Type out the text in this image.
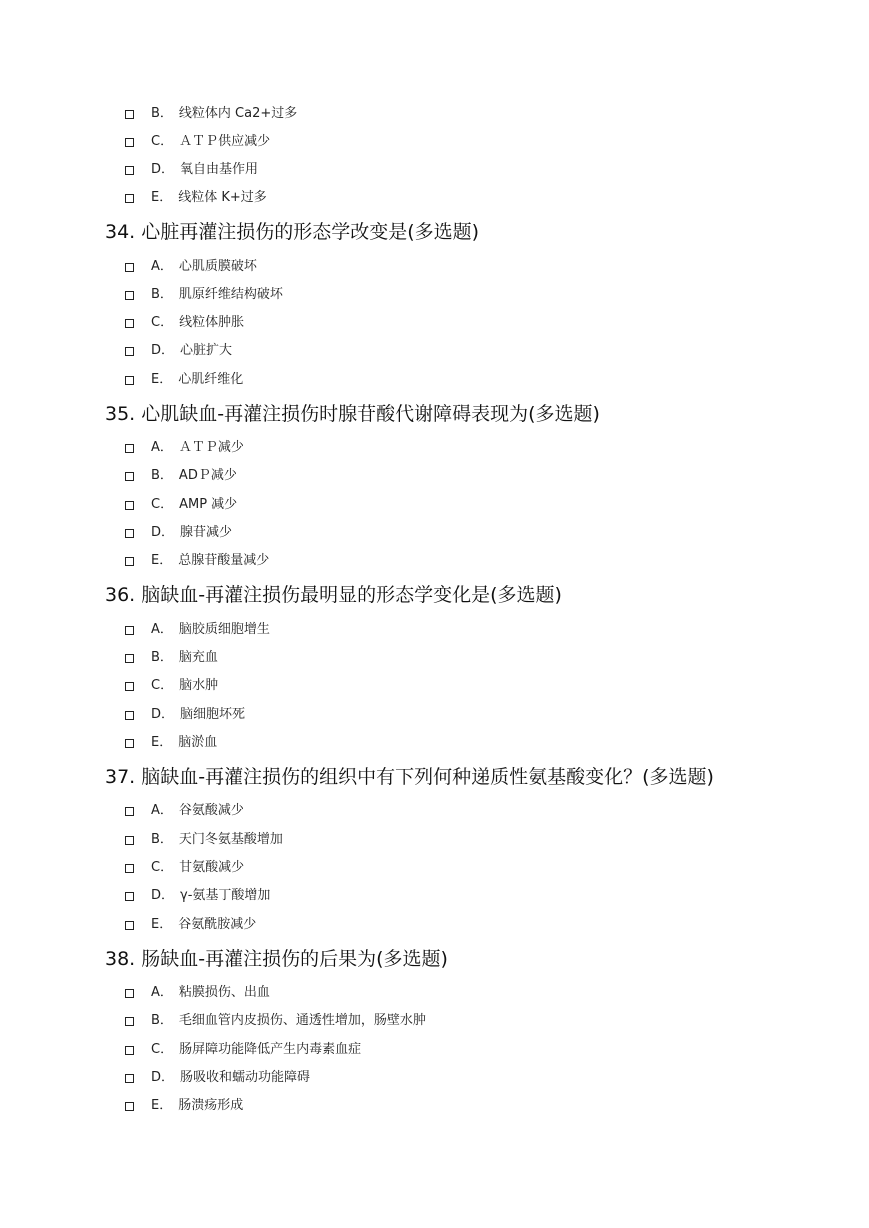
B． 线粒体内 Ca2+过多
C． ＡＴＰ供应减少
D． 氧自由基作用
E． 线粒体 K+过多
34. 心脏再灌注损伤的形态学改变是(多选题)
A． 心肌质膜破坏
B． 肌原纤维结构破坏
C． 线粒体肿胀
D． 心脏扩大
E． 心肌纤维化
35. 心肌缺血-再灌注损伤时腺苷酸代谢障碍表现为(多选题)
A． ＡＴＰ减少
B． ADＰ减少
C． AMP 减少
D． 腺苷减少
E． 总腺苷酸量减少
36. 脑缺血-再灌注损伤最明显的形态学变化是(多选题)
A． 脑胶质细胞增生
B． 脑充血
C． 脑水肿
D． 脑细胞坏死
E． 脑淤血
37. 脑缺血-再灌注损伤的组织中有下列何种递质性氨基酸变化？(多选题)
A． 谷氨酸减少
B． 天门冬氨基酸增加
C． 甘氨酸减少
D． γ-氨基丁酸增加
E． 谷氨酰胺减少
38. 肠缺血-再灌注损伤的后果为(多选题)
A． 粘膜损伤、出血
B． 毛细血管内皮损伤、通透性增加，肠壁水肿
C． 肠屏障功能降低产生内毒素血症
D． 肠吸收和蠕动功能障碍
E． 肠溃疡形成
